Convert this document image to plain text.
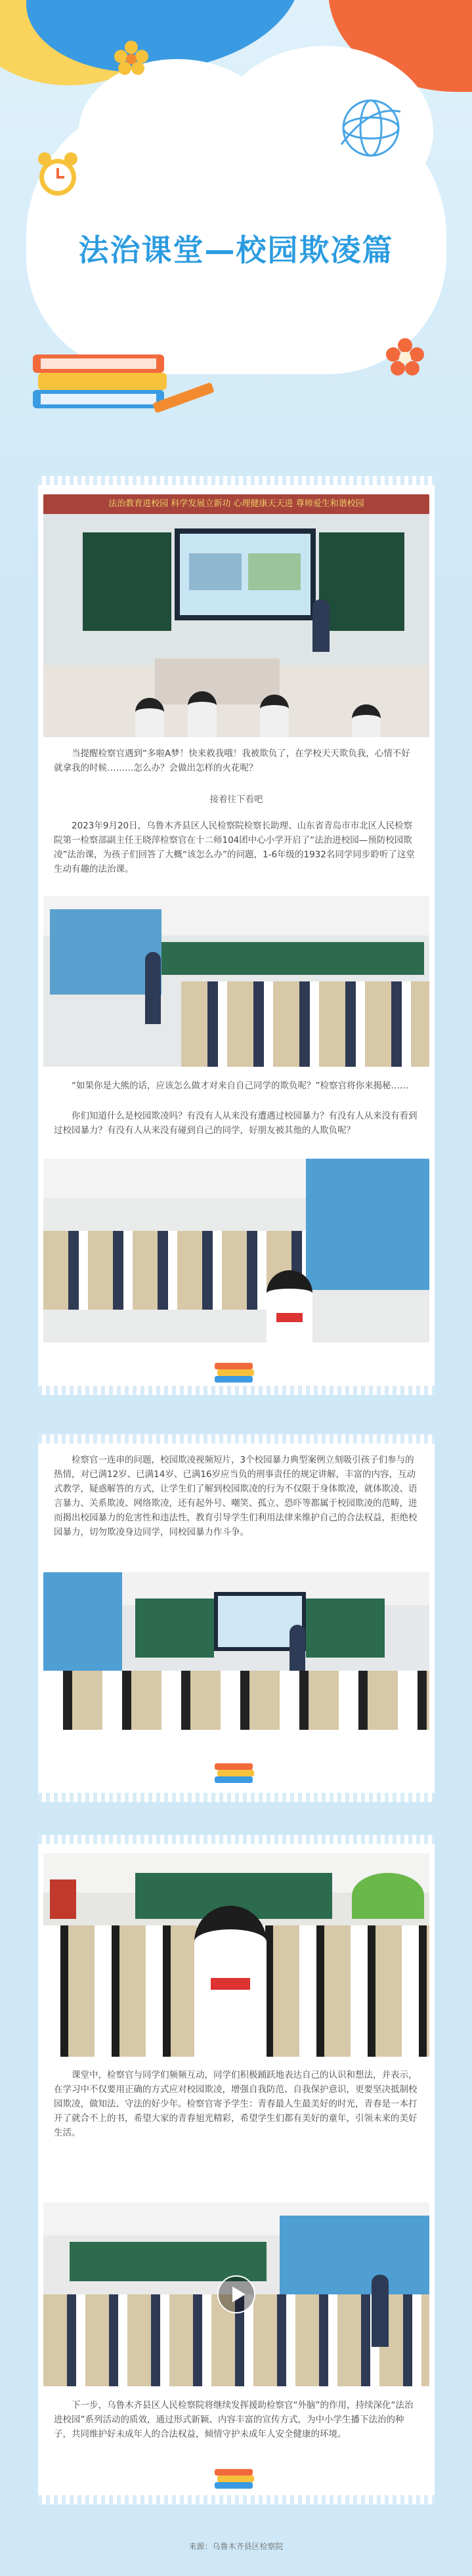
法治课堂—校园欺凌篇
法治教育进校园 科学发展立新功 心理健康天天进 尊师爱生和谐校园

当提醒检察官遇到“多啦A梦！快来救我哦！我被欺负了，在学校天天欺负我，心情不好就拿我的时候………怎么办？会做出怎样的火花呢？

接着往下看吧

2023年9月20日，乌鲁木齐县区人民检察院检察长助理、山东省青岛市市北区人民检察院第一检察部副主任王晓萍检察官在十二师104团中心小学开启了“法治进校园—预防校园欺凌”法治课，为孩子们回答了大概“该怎么办”的问题，1-6年级的1932名同学同步聆听了这堂生动有趣的法治课。

“如果你是大熊的话，应该怎么做才对来自自己同学的欺负呢？”检察官将你来揭秘……

你们知道什么是校园欺凌吗？有没有人从来没有遭遇过校园暴力？有没有人从来没有看到过校园暴力？有没有人从来没有碰到自己的同学，好朋友被其他的人欺负呢？

检察官一连串的问题，校园欺凌视频短片，3个校园暴力典型案例立刻吸引孩子们参与的热情，对已满12岁、已满14岁、已满16岁应当负的刑事责任的规定讲解，丰富的内容，互动式教学，疑惑解答的方式，让学生们了解到校园欺凌的行为不仅限于身体欺凌，就体欺凌、语言暴力、关系欺凌、网络欺凌，还有起外号、嘲笑、孤立、恐吓等都属于校园欺凌的范畴，进而揭出校园暴力的危害性和违法性，教育引导学生们利用法律来维护自己的合法权益，拒绝校园暴力，切勿欺凌身边同学，同校园暴力作斗争。

课堂中，检察官与同学们频频互动，同学们积极踊跃地表达自己的认识和想法，并表示，在学习中不仅要用正确的方式应对校园欺凌，增强自我防范、自我保护意识，更要坚决抵制校园欺凌，做知法、守法的好少年。检察官寄予学生：青春最人生最美好的时光，青春是一本打开了就合不上的书，希望大家的青春旭光精彩，希望学生们都有美好的童年，引领未来的美好生活。

下一步，乌鲁木齐县区人民检察院将继续发挥援助检察官“外脑”的作用，持续深化“法治进校园”系列活动的质效，通过形式新颖、内容丰富的宣传方式，为中小学生播下法治的种子，共同维护好未成年人的合法权益，倾情守护未成年人安全健康的环境。

来源：乌鲁木齐县区检察院
